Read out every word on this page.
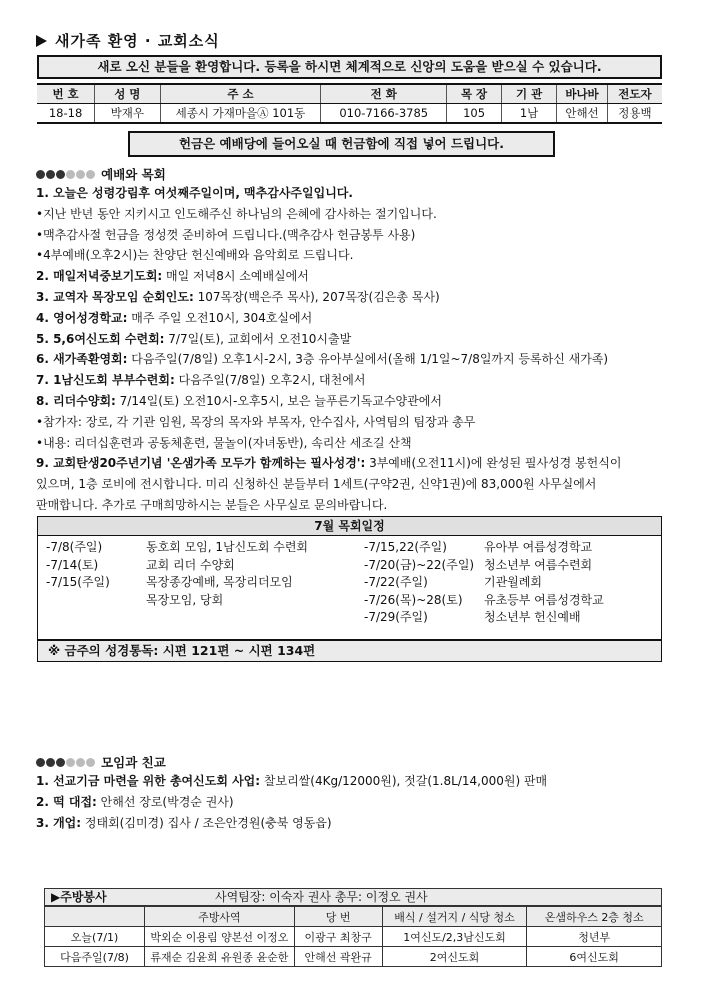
새가족 환영 · 교회소식
새로 오신 분들을 환영합니다. 등록을 하시면 체계적으로 신앙의 도움을 받으실 수 있습니다.
번 호	성 명	주 소	전 화	목 장	기 관	바나바	전도자
18-18	박재우	세종시 가재마을Ⓐ 101동	010-7166-3785	105	1남	안해선	정용백
헌금은 예배당에 들어오실 때 헌금함에 직접 넣어 드립니다.
예배와 목회
1. 오늘은 성령강림후 여섯째주일이며, 맥추감사주일입니다.
•지난 반년 동안 지키시고 인도해주신 하나님의 은혜에 감사하는 절기입니다.
•맥추감사절 헌금을 정성껏 준비하여 드립니다.(맥추감사 헌금봉투 사용)
•4부예배(오후2시)는 찬양단 헌신예배와 음악회로 드립니다.
2. 매일저녁중보기도회: 매일 저녁8시 소예배실에서
3. 교역자 목장모임 순회인도: 107목장(백은주 목사), 207목장(김은총 목사)
4. 영어성경학교: 매주 주일 오전10시, 304호실에서
5. 5,6여신도회 수련회: 7/7일(토), 교회에서 오전10시출발
6. 새가족환영회: 다음주일(7/8일) 오후1시-2시, 3층 유아부실에서(올해 1/1일~7/8일까지 등록하신 새가족)
7. 1남신도회 부부수련회: 다음주일(7/8일) 오후2시, 대천에서
8. 리더수양회: 7/14일(토) 오전10시-오후5시, 보은 늘푸른기독교수양관에서
•참가자: 장로, 각 기관 임원, 목장의 목자와 부목자, 안수집사, 사역팀의 팀장과 총무
•내용: 리더십훈련과 공동체훈련, 물놀이(자녀동반), 속리산 세조길 산책
9. 교회탄생20주년기념 '온샘가족 모두가 함께하는 필사성경': 3부예배(오전11시)에 완성된 필사성경 봉헌식이
있으며, 1층 로비에 전시합니다. 미리 신청하신 분들부터 1세트(구약2권, 신약1권)에 83,000원 사무실에서
판매합니다. 추가로 구매희망하시는 분들은 사무실로 문의바랍니다.
7월 목회일정
-7/8(주일)	동호회 모임, 1남신도회 수련회
-7/14(토)	교회 리더 수양회
-7/15(주일)	목장종강예배, 목장리더모임
목장모임, 당회
-7/15,22(주일)	유아부 여름성경학교
-7/20(금)~22(주일) 청소년부 여름수련회
-7/22(주일)	기관월례회
-7/26(목)~28(토) 유초등부 여름성경학교
-7/29(주일)	청소년부 헌신예배
※ 금주의 성경통독: 시편 121편 ~ 시편 134편
모임과 친교
1. 선교기금 마련을 위한 총여신도회 사업: 찰보리쌀(4Kg/12000원), 젓갈(1.8L/14,000원) 판매
2. 떡 대접: 안해선 장로(박경순 권사)
3. 개업: 정태회(김미경) 집사 / 조은안경원(충북 영동읍)
▶주방봉사	사역팀장: 이숙자 권사 총무: 이정오 권사
	주방사역	당 번	배식 / 설거지 / 식당 청소	온샘하우스 2층 청소
오늘(7/1)	박외순 이용림 양본선 이정오	이광구 최창구	1여신도/2,3남신도회	청년부
다음주일(7/8)	류재순 김윤희 유원종 윤순한	안해선 곽완규	2여신도회	6여신도회
